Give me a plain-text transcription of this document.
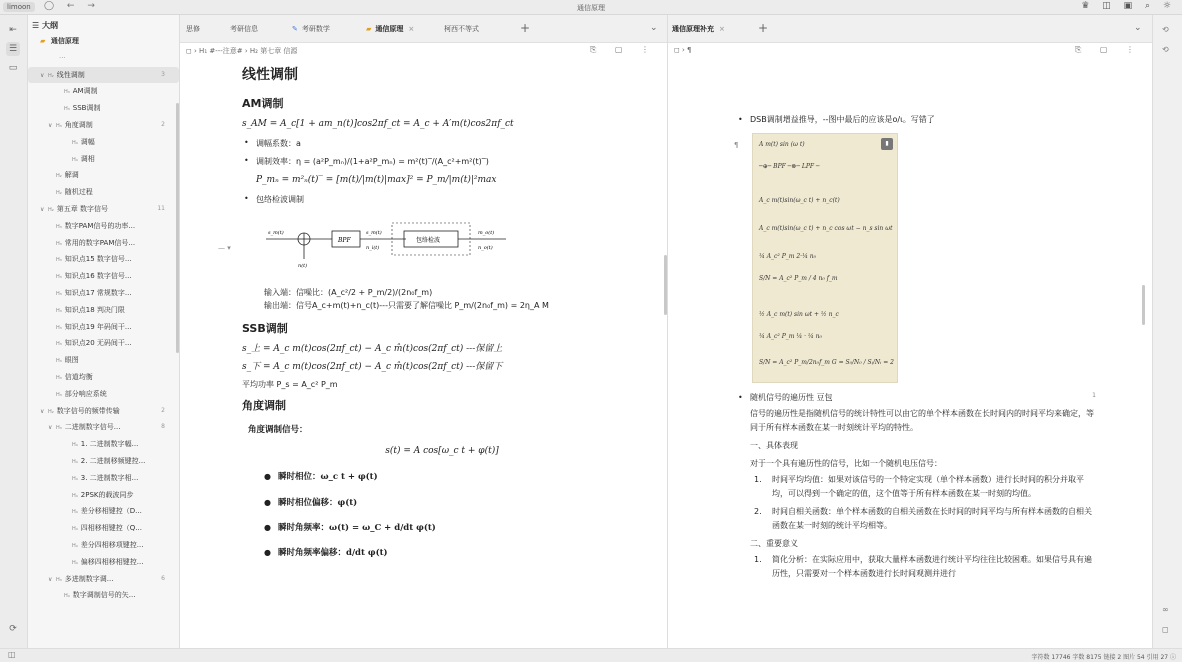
limoon	◯ ← →	通信原理	♛ ◫ ▣ ⌕ ☼
⇤
☰
▭
⟳
☰ 大纲
▰ 通信原理
···
∨ H₂ 线性调制	3
H₃ AM调制
H₃ SSB调制
∨ H₃ 角度调制	2
H₄ 调幅
H₄ 调相
H₂ 解调
H₂ 随机过程
∨ H₂ 第五章 数字信号	11
H₃ 数字PAM信号的功率...
H₃ 常用的数字PAM信号...
H₃ 知识点15 数字信号...
H₃ 知识点16 数字信号...
H₃ 知识点17 常规数字...
H₃ 知识点18 判决门限
H₃ 知识点19 年码间干...
H₃ 知识点20 无码间干...
H₃ 眼图
H₃ 信道均衡
H₃ 部分响应系统
∨ H₂ 数字信号的频带传输	2
∨ H₃ 二进制数字信号...	8
H₄ 1. 二进制数字幅...
H₄ 2. 二进制移频键控...
H₄ 3. 二进制数字相...
H₄ 2PSK的载波同步
H₄ 差分移相键控（D...
H₄ 四相移相键控（Q...
H₄ 差分四相移项键控...
H₄ 偏移四相移相键控...
∨ H₃ 多进制数字调...	6
H₄ 数字调制信号的矢...
思修	考研信息	✎ 考研数学	▰ 通信原理 ×	柯西不等式	+	⌄
◻ › H₁ #---注意# › H₂ 第七章 信源	⎘ ▢ ⋮
— ▾
线性调制
AM调制
s_AM = A_c[1 + am_n(t)]cos2πf_ct = A_c + A′m(t)cos2πf_ct
• 调幅系数：a
• 调制效率：η = (a²P_mₙ)/(1+a²P_mₙ) = m²(t)‾/(A_c²+m²(t)‾)
P_mₙ = m²ₙ(t)‾ = [m(t)/|m(t)|max]² = P_m/|m(t)|²max
• 包络检波调制
s_m(t)
n(t)
BPF
s_m(t)
n_i(t)
包络检波
m_o(t)
n_o(t)
输入端：信噪比：(A_c²/2 + P_m/2)/(2n₀f_m)
输出端：信号A_c+m(t)+n_c(t)---只需要了解信噪比 P_m/(2n₀f_m) = 2η_A M
SSB调制
s_上 = A_c m(t)cos(2πf_ct) − A_c m̂(t)cos(2πf_ct) ---保留上
s_下 = A_c m(t)cos(2πf_ct) − A_c m̂(t)cos(2πf_ct) ---保留下
平均功率 P_s = A_c² P_m
角度调制
角度调制信号：
s(t) = A cos[ω_c t + φ(t)]
● 瞬时相位：ω_c t + φ(t)
● 瞬时相位偏移：φ(t)
● 瞬时角频率：ω(t) = ω_C + d/dt φ(t)
● 瞬时角频率偏移：d/dt φ(t)
通信原理补充 ×	+	⌄
◻ › ¶	⎘ ▢ ⋮
• DSB调制增益推导，--图中最后的应该是ο/ι。写错了
¶	A m(t) sin (ω t)
─⊕─ BPF ─⊗─ LPF ─
A_c m(t)sin(ω_c t) + n_c(t)
A_c m(t)sin(ω_c t) + n_c cos ωt − n_s sin ωt
¼ A_c² P_m 2·¼ n₀
S/N = A_c² P_m / 4 n₀ f_m
½ A_c m(t) sin ωt + ½ n_c
¼ A_c² P_m ¼ · ¼ n₀
S/N = A_c² P_m/2n₀f_m G = S₀/N₀ / Sᵢ/Nᵢ = 2
▮
• 随机信号的遍历性 豆包	1
信号的遍历性是指随机信号的统计特性可以由它的单个样本函数在长时间内的时间平均来确定，等同于所有样本函数在某一时刻统计平均的特性。
一、具体表现
对于一个具有遍历性的信号，比如一个随机电压信号：
1. 时间平均均值：如果对该信号的一个特定实现（单个样本函数）进行长时间的积分并取平均，可以得到一个确定的值，这个值等于所有样本函数在某一时刻的均值。
2. 时间自相关函数：单个样本函数的自相关函数在长时间的时间平均与所有样本函数的自相关函数在某一时刻的统计平均相等。
二、重要意义
1. 简化分析：在实际应用中，获取大量样本函数进行统计平均往往比较困难。如果信号具有遍历性，只需要对一个样本函数进行长时间观测并进行
⟲
⟲
∞
◻
◫	字符数 17746 字数 8175 链接 2 图片 54 引用 27 ⓘ
